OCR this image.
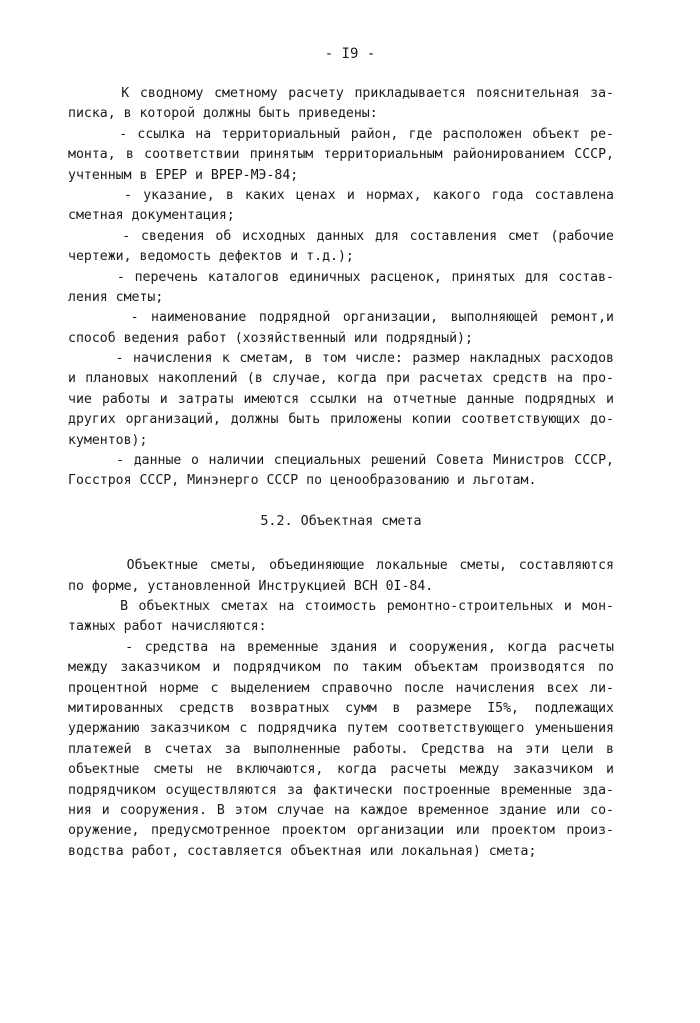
- I9 -
К сводному сметному расчету прикладывается пояснительная за-
писка, в которой должны быть приведены:
- ссылка на территориальный район, где расположен объект ре-
монта, в соответствии принятым территориальным районированием СССР,
учтенным в ЕРЕР и ВРЕР-МЭ-84;
- указание, в каких ценах и нормах, какого года составлена
сметная документация;
- сведения об исходных данных для составления смет (рабочие
чертежи, ведомость дефектов и т.д.);
- перечень каталогов единичных расценок, принятых для состав-
ления сметы;
- наименование подрядной организации, выполняющей ремонт,и
способ ведения работ (хозяйственный или подрядный);
- начисления к сметам, в том числе: размер накладных расходов
и плановых накоплений (в случае, когда при расчетах средств на про-
чие работы и затраты имеются ссылки на отчетные данные подрядных и
других организаций, должны быть приложены копии соответствующих до-
кументов);
- данные о наличии специальных решений Совета Министров СССР,
Госстроя СССР, Минэнерго СССР по ценообразованию и льготам.
5.2. Объектная смета
Объектные сметы, объединяющие локальные сметы, составляются
по форме, установленной Инструкцией ВСН 0I-84.
В объектных сметах на стоимость ремонтно-строительных и мон-
тажных работ начисляются:
- средства на временные здания и сооружения, когда расчеты
между заказчиком и подрядчиком по таким объектам производятся по
процентной норме с выделением справочно после начисления всех ли-
митированных средств возвратных сумм в размере I5%, подлежащих
удержанию заказчиком с подрядчика путем соответствующего уменьшения
платежей в счетах за выполненные работы. Средства на эти цели в
объектные сметы не включаются, когда расчеты между заказчиком и
подрядчиком осуществляются за фактически построенные временные зда-
ния и сооружения. В этом случае на каждое временное здание или со-
оружение, предусмотренное проектом организации или проектом произ-
водства работ, составляется объектная или локальная) смета;
